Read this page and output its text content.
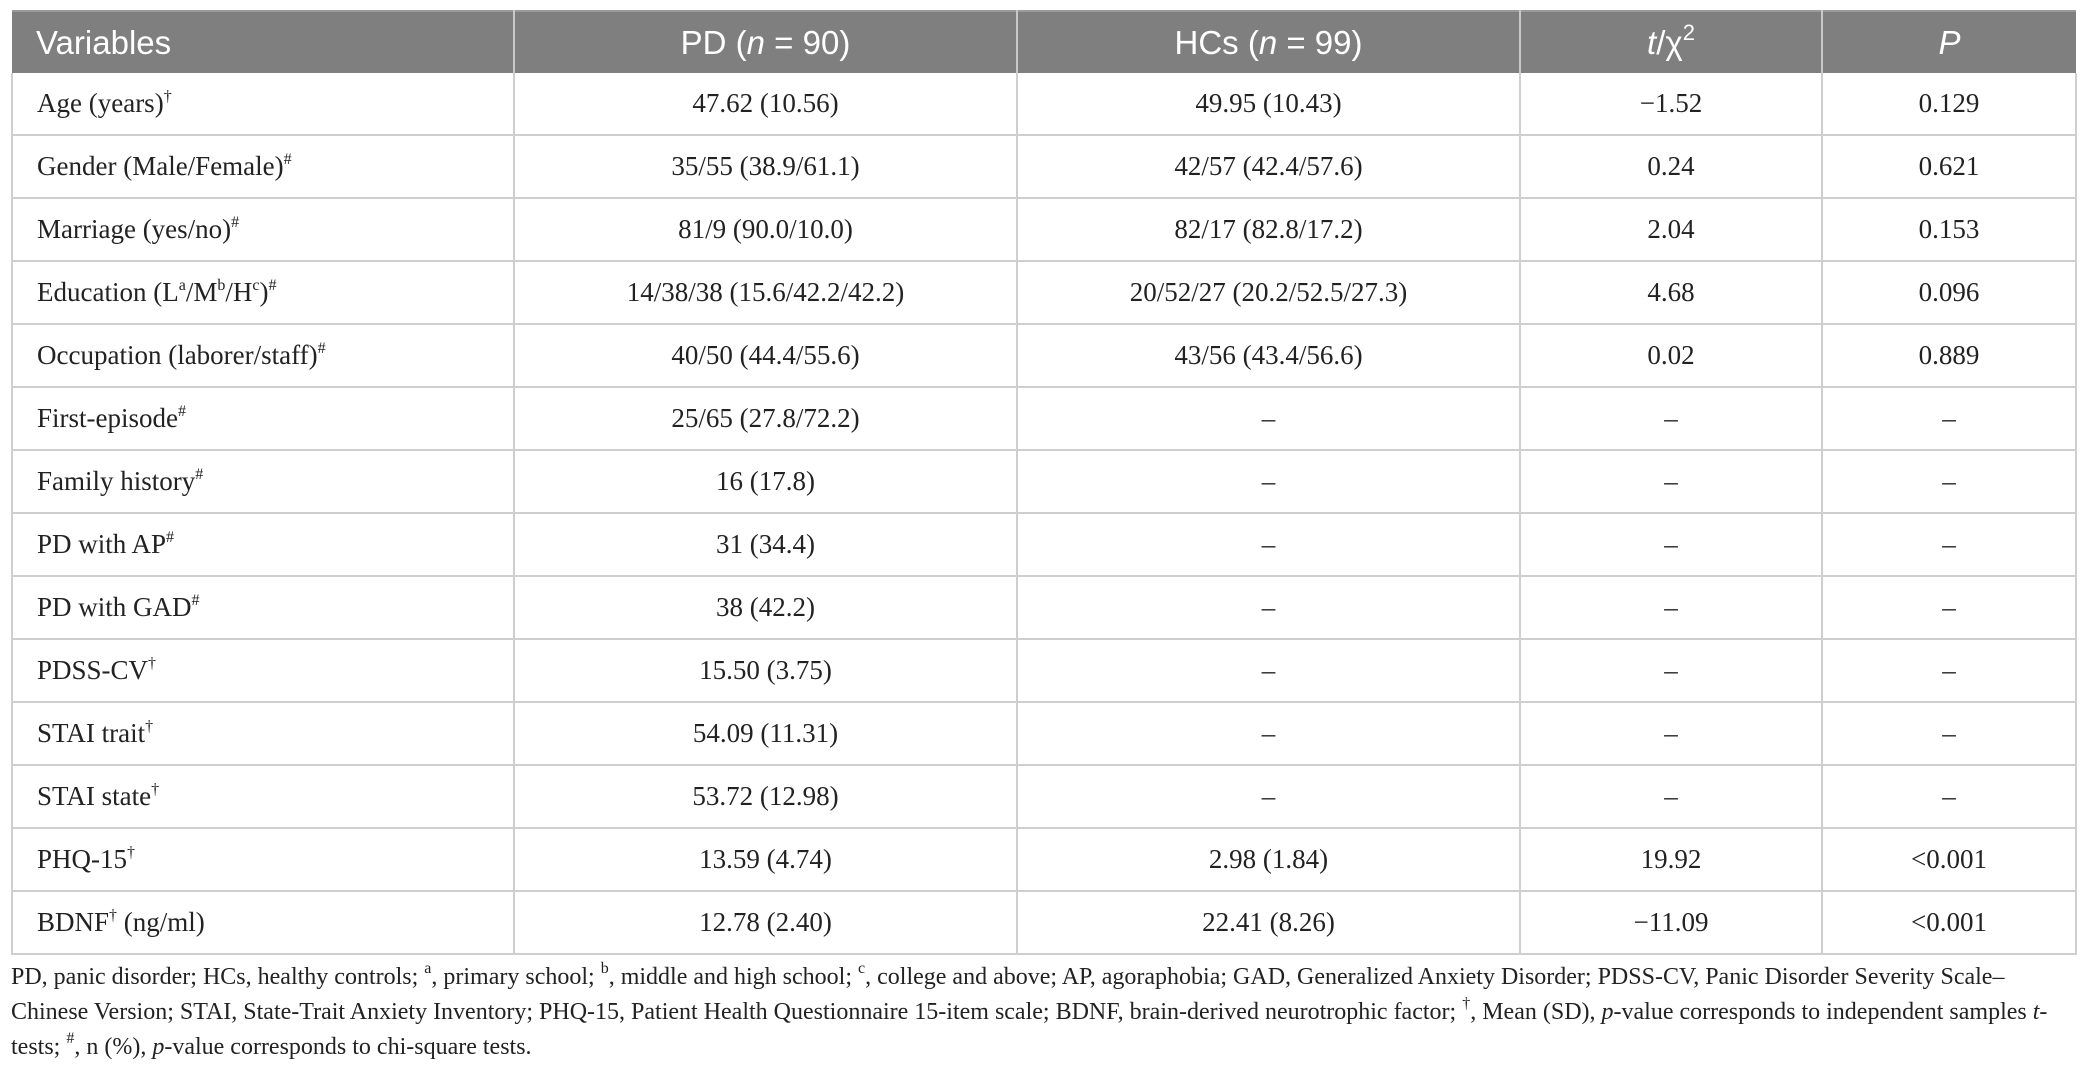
Variables	PD (n = 90)	HCs (n = 99)	$t/\chi^2$	P
Age (years)†	47.62 (10.56)	49.95 (10.43)	−1.52	0.129
Gender (Male/Female)#	35/55 (38.9/61.1)	42/57 (42.4/57.6)	0.24	0.621
Marriage (yes/no)#	81/9 (90.0/10.0)	82/17 (82.8/17.2)	2.04	0.153
Education $(L^a/M^b/H^c)^{\#}$	14/38/38 (15.6/42.2/42.2)	20/52/27 (20.2/52.5/27.3)	4.68	0.096
Occupation (laborer/staff)#	40/50 (44.4/55.6)	43/56 (43.4/56.6)	0.02	0.889
First-episode#	25/65 (27.8/72.2)	–	–	–
Family history#	16 (17.8)	–	–	–
PD with AP#	31 (34.4)	–	–	–
PD with GAD#	38 (42.2)	–	–	–
PDSS-CV†	15.50 (3.75)	–	–	–
STAI trait†	54.09 (11.31)	–	–	–
STAI state†	53.72 (12.98)	–	–	–
PHQ-15†	13.59 (4.74)	2.98 (1.84)	19.92	<0.001
BDNF† (ng/ml)	12.78 (2.40)	22.41 (8.26)	−11.09	<0.001
PD, panic disorder; HCs, healthy controls; $^a$, primary school; $^b$, middle and high school; $^c$, college and above; AP, agoraphobia; GAD, Generalized Anxiety Disorder; PDSS-CV, Panic Disorder Severity Scale–Chinese Version; STAI, State-Trait Anxiety Inventory; PHQ-15, Patient Health Questionnaire 15-item scale; BDNF, brain-derived neurotrophic factor; †, Mean (SD), p-value corresponds to independent samples t-tests; #, n (%), p-value corresponds to chi-square tests.
